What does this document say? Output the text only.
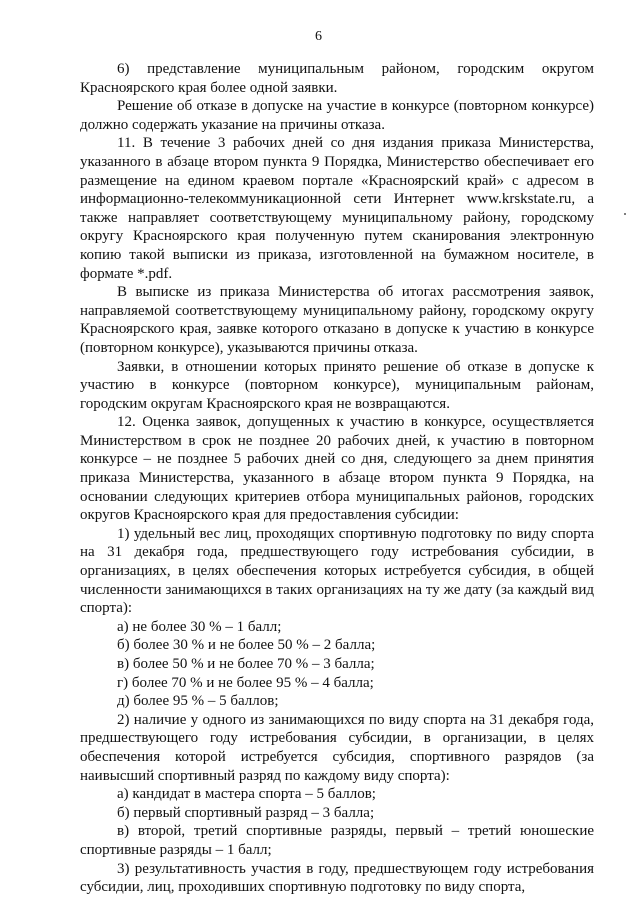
6

6) представление муниципальным районом, городским округом Красноярского края более одной заявки.

Решение об отказе в допуске на участие в конкурсе (повторном конкурсе) должно содержать указание на причины отказа.

11. В течение 3 рабочих дней со дня издания приказа Министерства, указанного в абзаце втором пункта 9 Порядка, Министерство обеспечивает его размещение на едином краевом портале «Красноярский край» с адресом в информационно-телекоммуникационной сети Интернет www.krskstate.ru, а также направляет соответствующему муниципальному району, городскому округу Красноярского края полученную путем сканирования электронную копию такой выписки из приказа, изготовленной на бумажном носителе, в формате *.pdf.

В выписке из приказа Министерства об итогах рассмотрения заявок, направляемой соответствующему муниципальному району, городскому округу Красноярского края, заявке которого отказано в допуске к участию в конкурсе (повторном конкурсе), указываются причины отказа.

Заявки, в отношении которых принято решение об отказе в допуске к участию в конкурсе (повторном конкурсе), муниципальным районам, городским округам Красноярского края не возвращаются.

12. Оценка заявок, допущенных к участию в конкурсе, осуществляется Министерством в срок не позднее 20 рабочих дней, к участию в повторном конкурсе – не позднее 5 рабочих дней со дня, следующего за днем принятия приказа Министерства, указанного в абзаце втором пункта 9 Порядка, на основании следующих критериев отбора муниципальных районов, городских округов Красноярского края для предоставления субсидии:

1) удельный вес лиц, проходящих спортивную подготовку по виду спорта на 31 декабря года, предшествующего году истребования субсидии, в организациях, в целях обеспечения которых истребуется субсидия, в общей численности занимающихся в таких организациях на ту же дату (за каждый вид спорта):

а) не более 30 % – 1 балл;

б) более 30 % и не более 50 % – 2 балла;

в) более 50 % и не более 70 % – 3 балла;

г) более 70 % и не более 95 % – 4 балла;

д) более 95 % – 5 баллов;

2) наличие у одного из занимающихся по виду спорта на 31 декабря года, предшествующего году истребования субсидии, в организации, в целях обеспечения которой истребуется субсидия, спортивного разрядов (за наивысший спортивный разряд по каждому виду спорта):

а) кандидат в мастера спорта – 5 баллов;

б) первый спортивный разряд – 3 балла;

в) второй, третий спортивные разряды, первый – третий юношеские спортивные разряды – 1 балл;

3) результативность участия в году, предшествующем году истребования субсидии, лиц, проходивших спортивную подготовку по виду спорта,
